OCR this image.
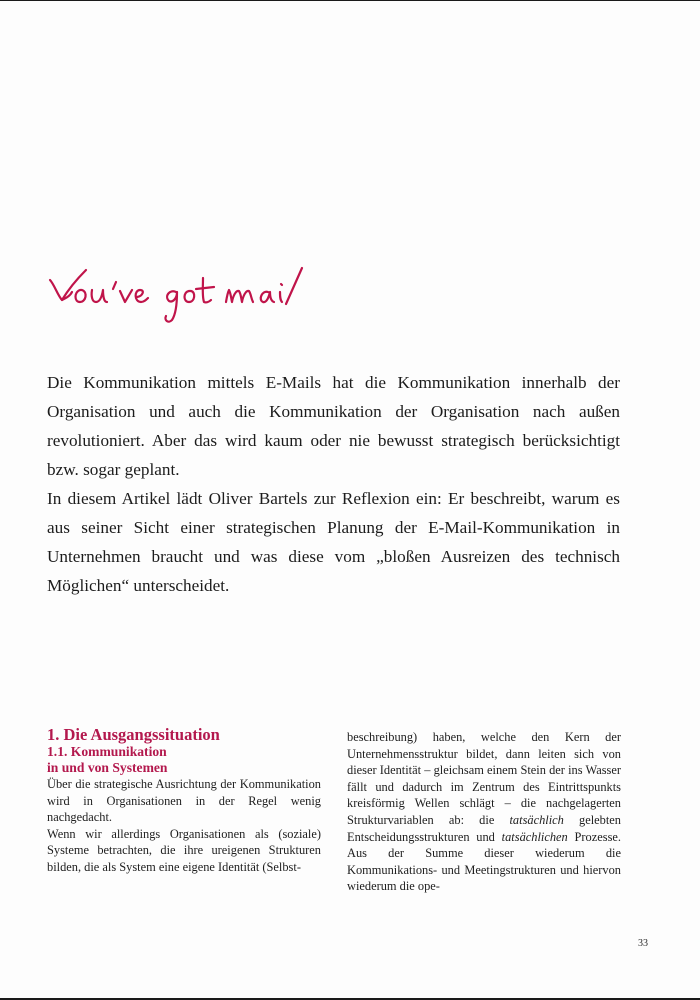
Die Kommunikation mittels E-Mails hat die Kommunikation innerhalb der Organisation und auch die Kommunikation der Organisation nach außen revolutioniert. Aber das wird kaum oder nie bewusst strategisch berücksichtigt bzw. sogar geplant.

In diesem Artikel lädt Oliver Bartels zur Reflexion ein: Er beschreibt, warum es aus seiner Sicht einer strategischen Planung der E-Mail-Kommunikation in Unternehmen braucht und was diese vom „bloßen Ausreizen des technisch Möglichen“ unterscheidet.

1. Die Ausgangssituation
1.1. Kommunikation
in und von Systemen

Über die strategische Ausrichtung der Kommunikation wird in Organisationen in der Regel wenig nachgedacht.

Wenn wir allerdings Organisationen als (soziale) Systeme betrachten, die ihre ureigenen Strukturen bilden, die als System eine eigene Identität (Selbst-

beschreibung) haben, welche den Kern der Unternehmensstruktur bildet, dann leiten sich von dieser Identität – gleichsam einem Stein der ins Wasser fällt und dadurch im Zentrum des Eintrittspunkts kreisförmig Wellen schlägt – die nachgelagerten Strukturvariablen ab: die tatsächlich gelebten Entscheidungsstrukturen und tatsächlichen Prozesse. Aus der Summe dieser wiederum die Kommunikations- und Meetingstrukturen und hiervon wiederum die ope-

33
